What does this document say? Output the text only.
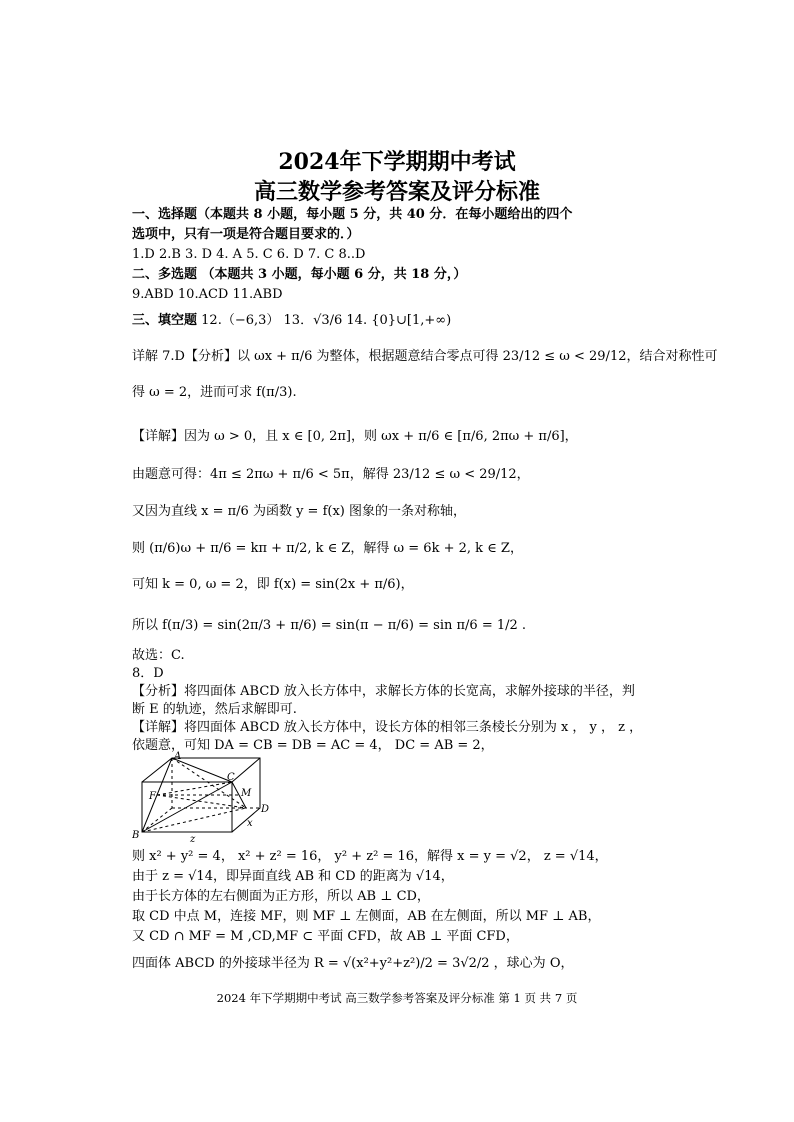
2024年下学期期中考试
高三数学参考答案及评分标准
一、选择题（本题共 8 小题，每小题 5 分，共 40 分．在每小题给出的四个
选项中，只有一项是符合题目要求的．）
1.D 2.B 3. D 4. A 5. C 6. D 7. C 8..D
二、多选题 （本题共 3 小题，每小题 6 分，共 18 分，）
9.ABD 10.ACD 11.ABD
三、填空题 12.（−6,3） 13．√3/6 14. {0}∪[1,+∞)
详解 7.D【分析】以 ωx + π/6 为整体，根据题意结合零点可得 23/12 ≤ ω < 29/12，结合对称性可
得 ω = 2，进而可求 f(π/3).
【详解】因为 ω > 0，且 x ∈ [0, 2π]，则 ωx + π/6 ∈ [π/6, 2πω + π/6]，
由题意可得：4π ≤ 2πω + π/6 < 5π，解得 23/12 ≤ ω < 29/12，
又因为直线 x = π/6 为函数 y = f(x) 图象的一条对称轴，
则 (π/6)ω + π/6 = kπ + π/2, k ∈ Z，解得 ω = 6k + 2, k ∈ Z，
可知 k = 0, ω = 2，即 f(x) = sin(2x + π/6)，
所以 f(π/3) = sin(2π/3 + π/6) = sin(π − π/6) = sin π/6 = 1/2 .
故选：C.
8．D
【分析】将四面体 ABCD 放入长方体中，求解长方体的长宽高，求解外接球的半径，判
断 E 的轨迹，然后求解即可.
【详解】将四面体 ABCD 放入长方体中，设长方体的相邻三条棱长分别为 x ， y ， z ，
依题意，可知 DA = CB = DB = AC = 4， DC = AB = 2，
A
B
C
D
F	M
x
z
则 x² + y² = 4， x² + z² = 16， y² + z² = 16，解得 x = y = √2， z = √14，
由于 z = √14，即异面直线 AB 和 CD 的距离为 √14，
由于长方体的左右侧面为正方形，所以 AB ⊥ CD，
取 CD 中点 M，连接 MF，则 MF ⊥ 左侧面，AB 在左侧面，所以 MF ⊥ AB，
又 CD ∩ MF = M ,CD,MF ⊂ 平面 CFD，故 AB ⊥ 平面 CFD，
四面体 ABCD 的外接球半径为 R = √(x²+y²+z²)/2 = 3√2/2 ，球心为 O，
2024 年下学期期中考试 高三数学参考答案及评分标准 第 1 页 共 7 页
